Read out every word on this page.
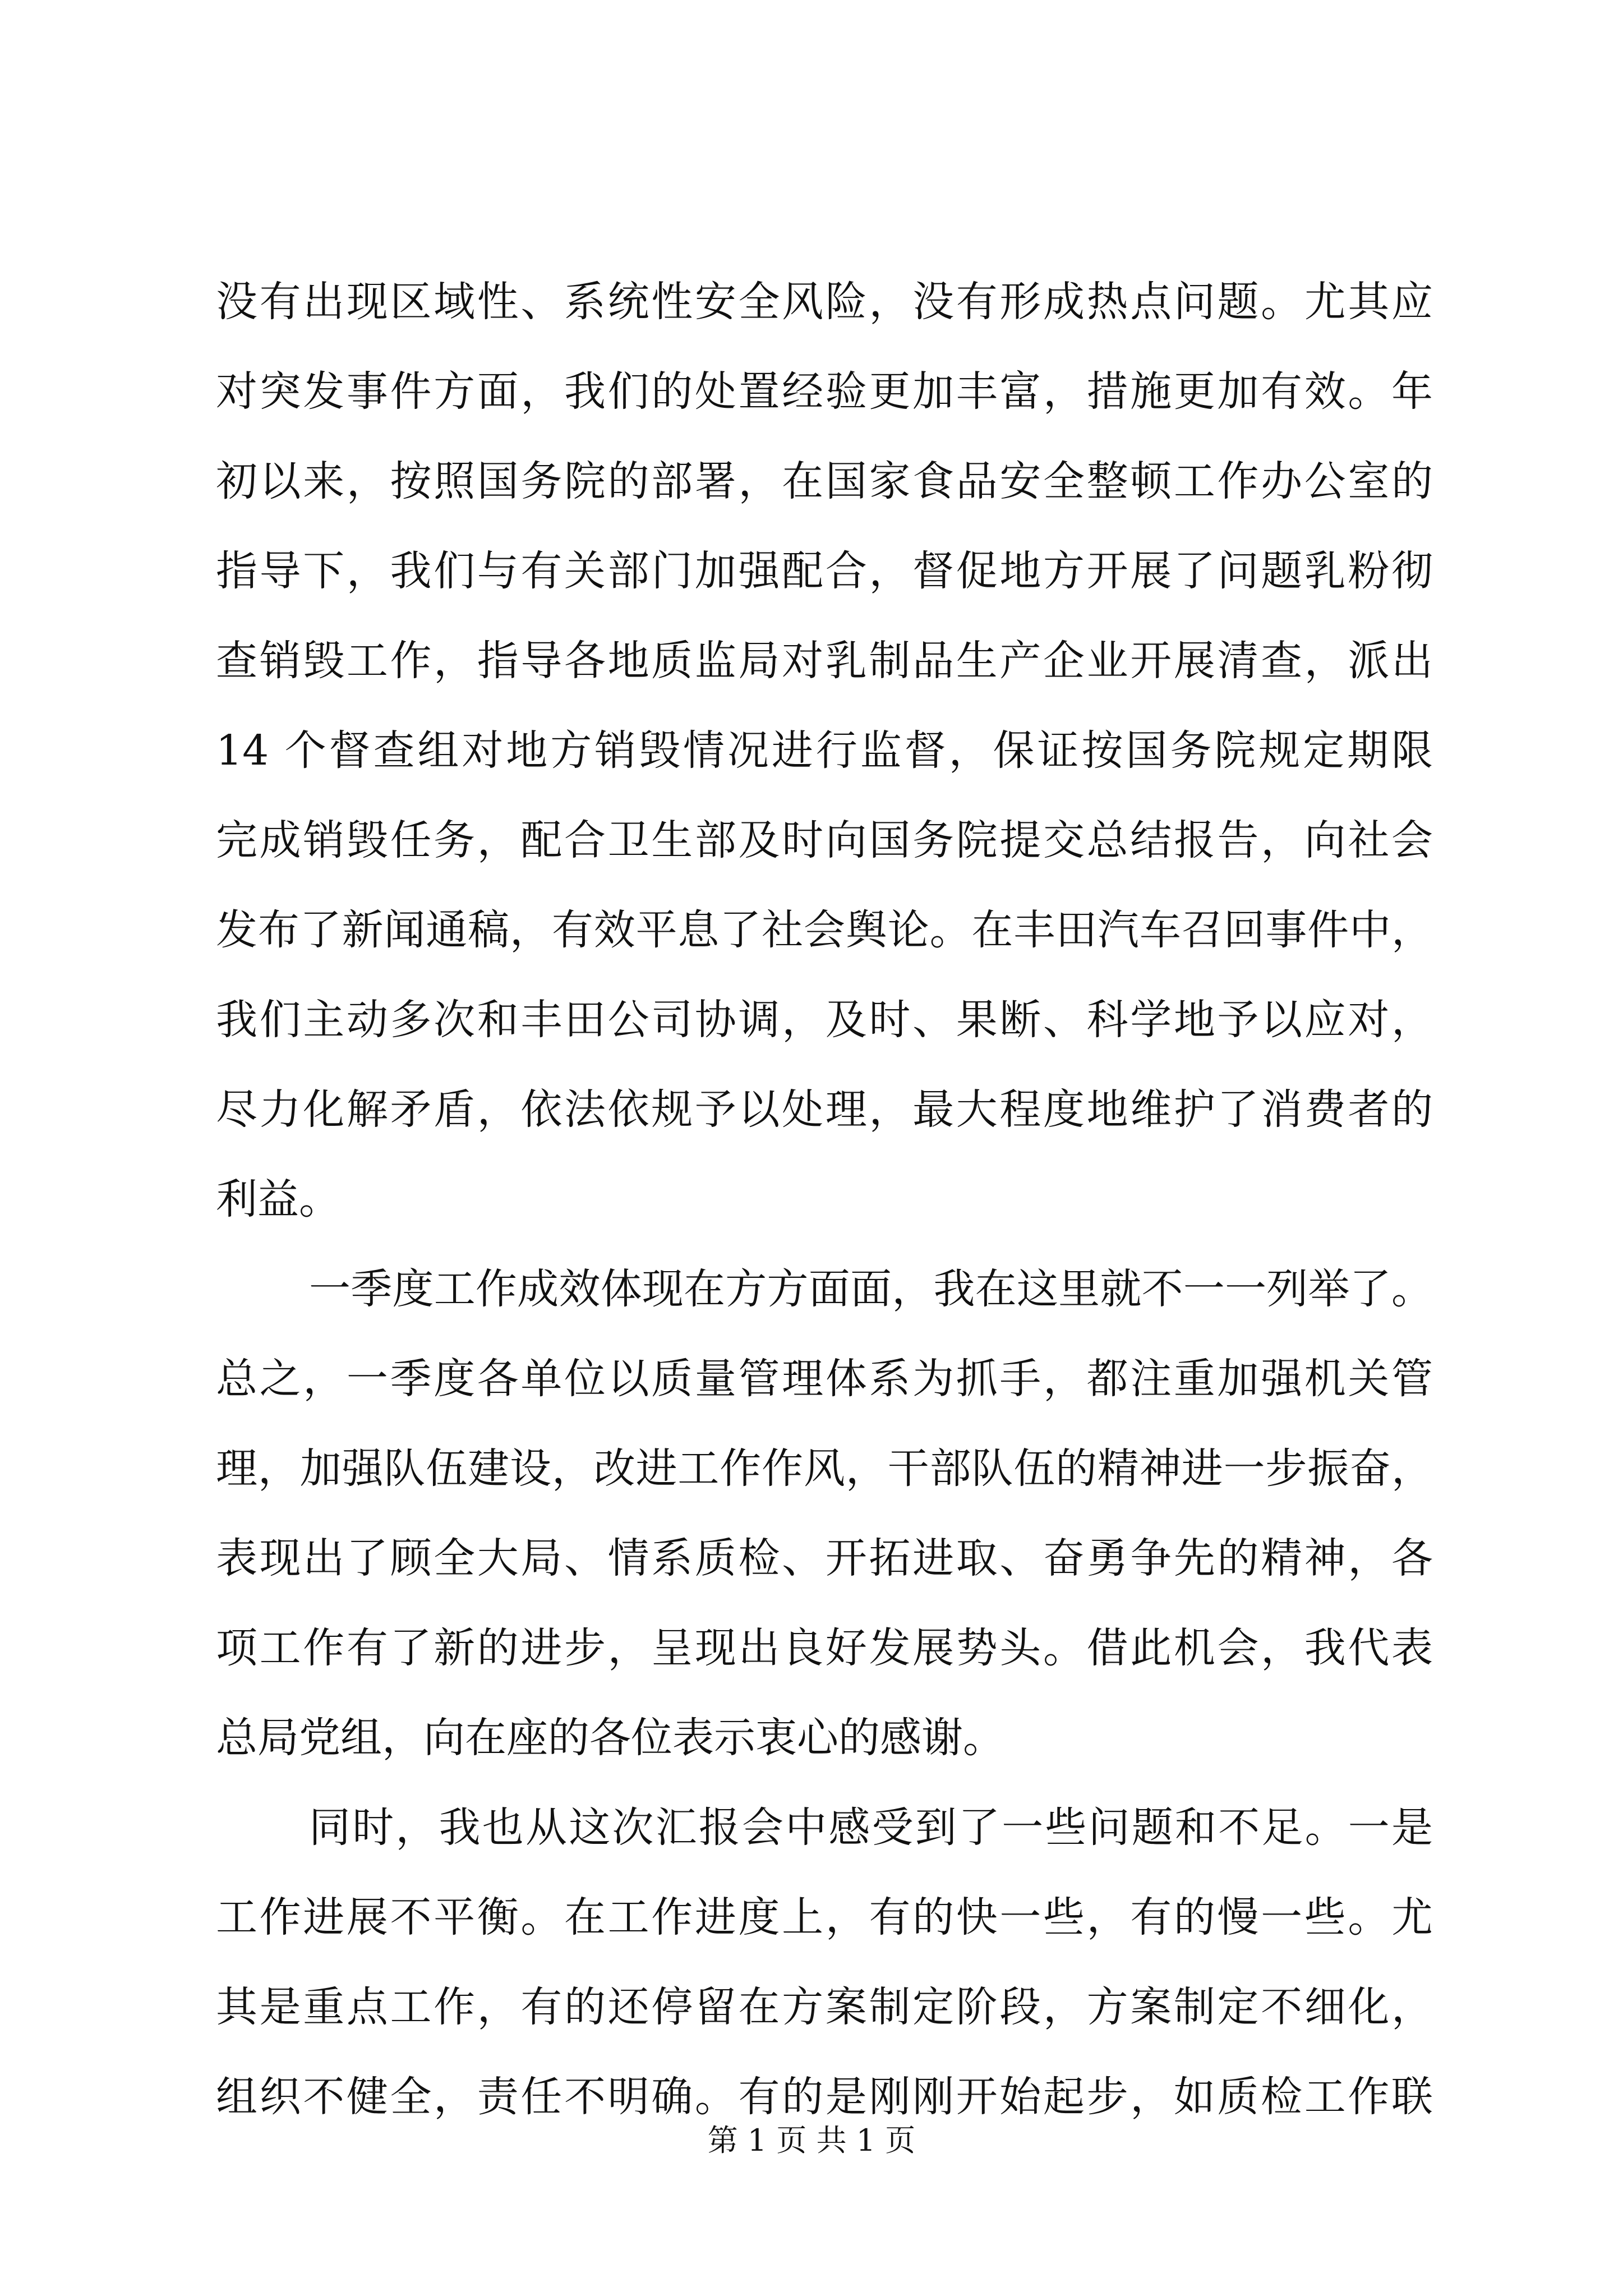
没有出现区域性、系统性安全风险，没有形成热点问题。尤其应
对突发事件方面，我们的处置经验更加丰富，措施更加有效。年
初以来，按照国务院的部署，在国家食品安全整顿工作办公室的
指导下，我们与有关部门加强配合，督促地方开展了问题乳粉彻
查销毁工作，指导各地质监局对乳制品生产企业开展清查，派出
14 个督查组对地方销毁情况进行监督，保证按国务院规定期限
完成销毁任务，配合卫生部及时向国务院提交总结报告，向社会
发布了新闻通稿，有效平息了社会舆论。在丰田汽车召回事件中，
我们主动多次和丰田公司协调，及时、果断、科学地予以应对，
尽力化解矛盾，依法依规予以处理，最大程度地维护了消费者的
利益。
一季度工作成效体现在方方面面，我在这里就不一一列举了。
总之，一季度各单位以质量管理体系为抓手，都注重加强机关管
理，加强队伍建设，改进工作作风，干部队伍的精神进一步振奋，
表现出了顾全大局、情系质检、开拓进取、奋勇争先的精神，各
项工作有了新的进步，呈现出良好发展势头。借此机会，我代表
总局党组，向在座的各位表示衷心的感谢。
同时，我也从这次汇报会中感受到了一些问题和不足。一是
工作进展不平衡。在工作进度上，有的快一些，有的慢一些。尤
其是重点工作，有的还停留在方案制定阶段，方案制定不细化，
组织不健全，责任不明确。有的是刚刚开始起步，如质检工作联
第 1 页 共 1 页
